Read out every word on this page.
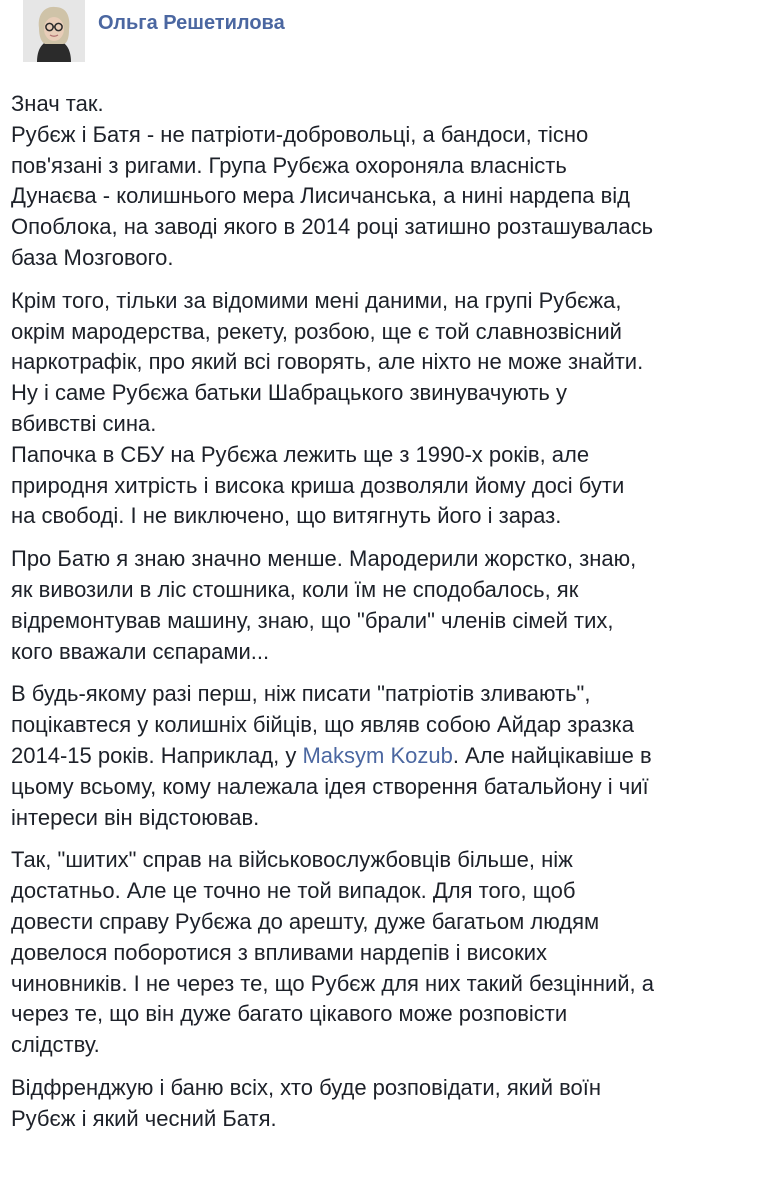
Ольга Решетилова
Знач так.
Рубєж і Батя - не патріоти-добровольці, а бандоси, тісно
пов'язані з ригами. Група Рубєжа охороняла власність
Дунаєва - колишнього мера Лисичанська, а нині нардепа від
Опоблока, на заводі якого в 2014 році затишно розташувалась
база Мозгового.
Крім того, тільки за відомими мені даними, на групі Рубєжа,
окрім мародерства, рекету, розбою, ще є той славнозвісний
наркотрафік, про який всі говорять, але ніхто не може знайти.
Ну і саме Рубєжа батьки Шабрацького звинувачують у
вбивстві сина.
Папочка в СБУ на Рубєжа лежить ще з 1990-х років, але
природня хитрість і висока криша дозволяли йому досі бути
на свободі. І не виключено, що витягнуть його і зараз.
Про Батю я знаю значно менше. Мародерили жорстко, знаю,
як вивозили в ліс стошника, коли їм не сподобалось, як
відремонтував машину, знаю, що "брали" членів сімей тих,
кого вважали сєпарами...
В будь-якому разі перш, ніж писати "патріотів зливають",
поцікавтеся у колишніх бійців, що являв собою Айдар зразка
2014-15 років. Наприклад, у Maksym Kozub. Але найцікавіше в
цьому всьому, кому належала ідея створення батальйону і чиї
інтереси він відстоював.
Так, "шитих" справ на військовослужбовців більше, ніж
достатньо. Але це точно не той випадок. Для того, щоб
довести справу Рубєжа до арешту, дуже багатьом людям
довелося поборотися з впливами нардепів і високих
чиновників. І не через те, що Рубєж для них такий безцінний, а
через те, що він дуже багато цікавого може розповісти
слідству.
Відфренджую і баню всіх, хто буде розповідати, який воїн
Рубєж і який чесний Батя.
